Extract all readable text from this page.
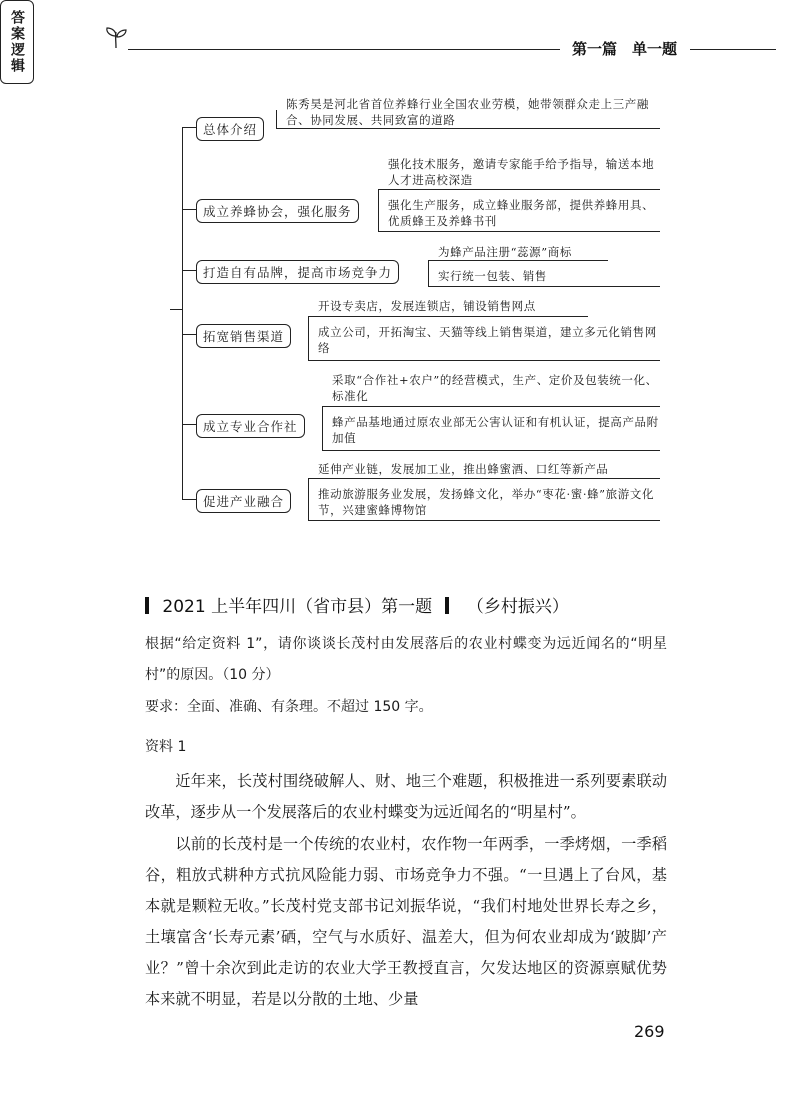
第一篇　单一题
答案逻辑
总体介绍
陈秀昊是河北省首位养蜂行业全国农业劳模，她带领群众走上三产融合、协同发展、共同致富的道路
成立养蜂协会，强化服务
强化技术服务，邀请专家能手给予指导，输送本地人才进高校深造
强化生产服务，成立蜂业服务部，提供养蜂用具、优质蜂王及养蜂书刊
打造自有品牌，提高市场竞争力
为蜂产品注册“蕊源”商标
实行统一包装、销售
拓宽销售渠道
开设专卖店，发展连锁店，铺设销售网点
成立公司，开拓淘宝、天猫等线上销售渠道，建立多元化销售网络
成立专业合作社
采取“合作社+农户”的经营模式，生产、定价及包装统一化、标准化
蜂产品基地通过原农业部无公害认证和有机认证，提高产品附加值
促进产业融合
延伸产业链，发展加工业，推出蜂蜜酒、口红等新产品
推动旅游服务业发展，发扬蜂文化，举办“枣花·蜜·蜂”旅游文化节，兴建蜜蜂博物馆
2021 上半年四川（省市县）第一题 （乡村振兴）
根据“给定资料 1”，请你谈谈长茂村由发展落后的农业村蝶变为远近闻名的“明星村”的原因。（10 分）
要求：全面、准确、有条理。不超过 150 字。
资料 1
近年来，长茂村围绕破解人、财、地三个难题，积极推进一系列要素联动改革，逐步从一个发展落后的农业村蝶变为远近闻名的“明星村”。
以前的长茂村是一个传统的农业村，农作物一年两季，一季烤烟，一季稻谷，粗放式耕种方式抗风险能力弱、市场竞争力不强。“一旦遇上了台风，基本就是颗粒无收。”长茂村党支部书记刘振华说，“我们村地处世界长寿之乡，土壤富含‘长寿元素’硒，空气与水质好、温差大，但为何农业却成为‘跛脚’产业？”曾十余次到此走访的农业大学王教授直言，欠发达地区的资源禀赋优势本来就不明显，若是以分散的土地、少量
269
